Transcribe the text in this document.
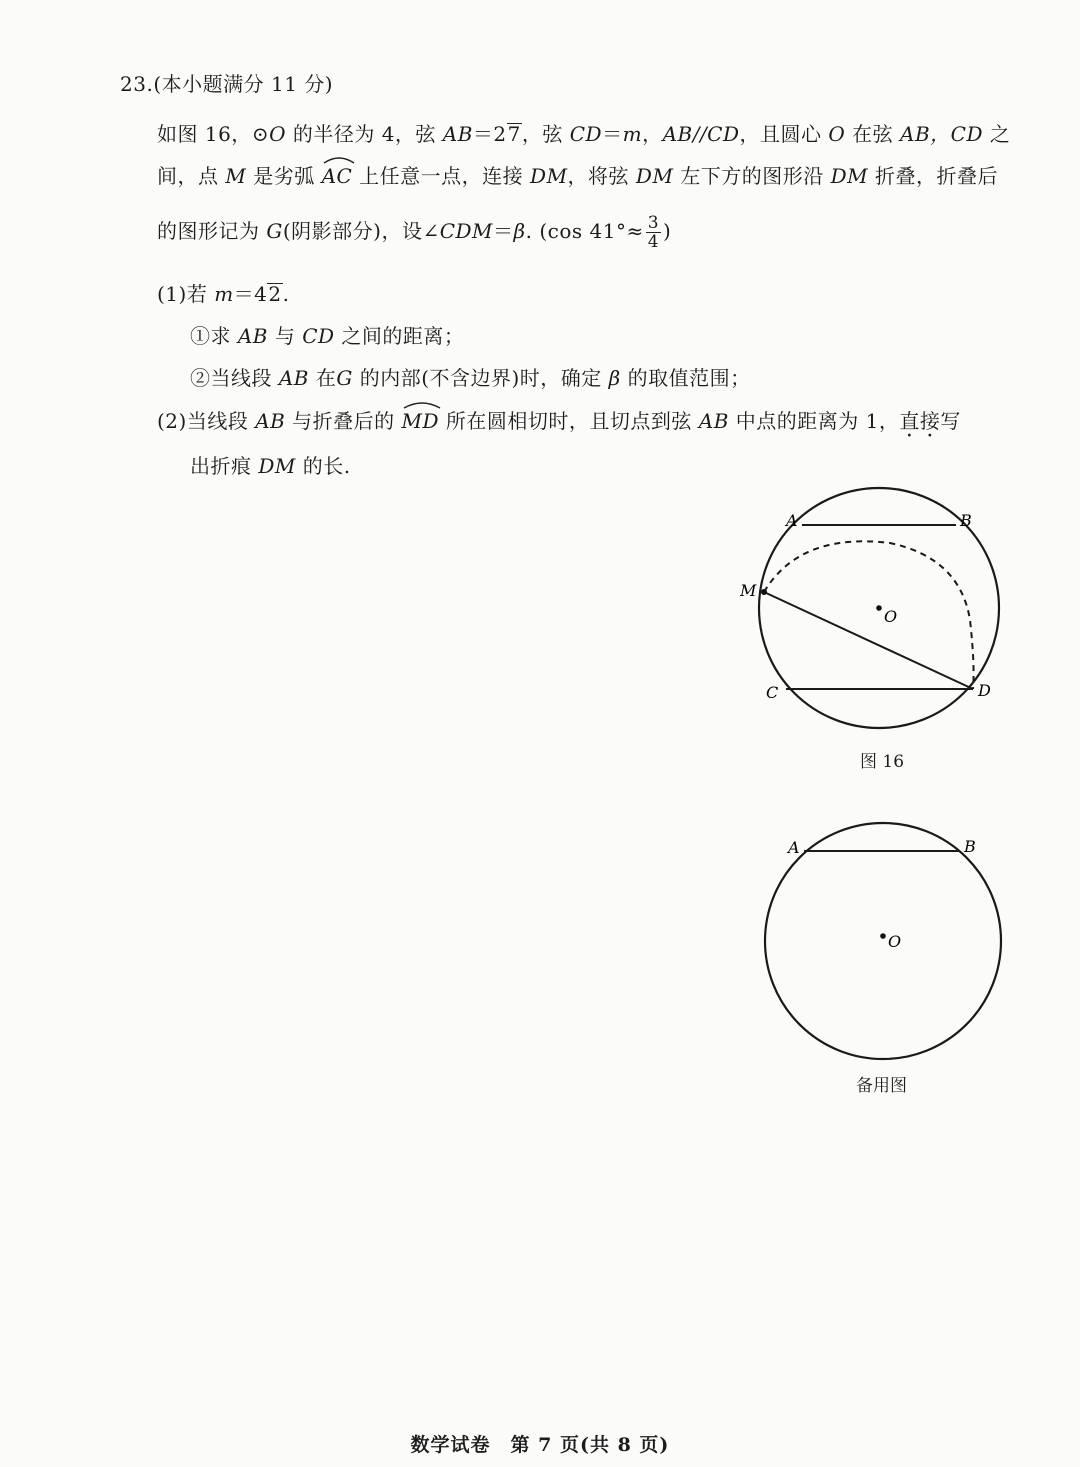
23.(本小题满分 11 分)
如图 16，⊙O 的半径为 4，弦 AB＝27，弦 CD＝m，AB//CD，且圆心 O 在弦 AB，CD 之
间，点 M 是劣弧
AC 上任意一点，连接 DM，将弦 DM 左下方的图形沿 DM 折叠，折叠后
的图形记为 G(阴影部分)，设∠CDM＝β. (cos $41^\circ\approx \frac{3}{4}$ )
(1)若 m＝42.
①求 AB 与 CD 之间的距离；
②当线段 AB 在G 的内部(不含边界)时，确定 β 的取值范围；
(2)当线段 AB 与折叠后的
MD 所在圆相切时，且切点到弦 AB 中点的距离为 1，直接写
出折痕 DM 的长.
A	B
M
O
C	D
图 16
A	B
O
备用图
数学试卷　第 7 页(共 8 页)
